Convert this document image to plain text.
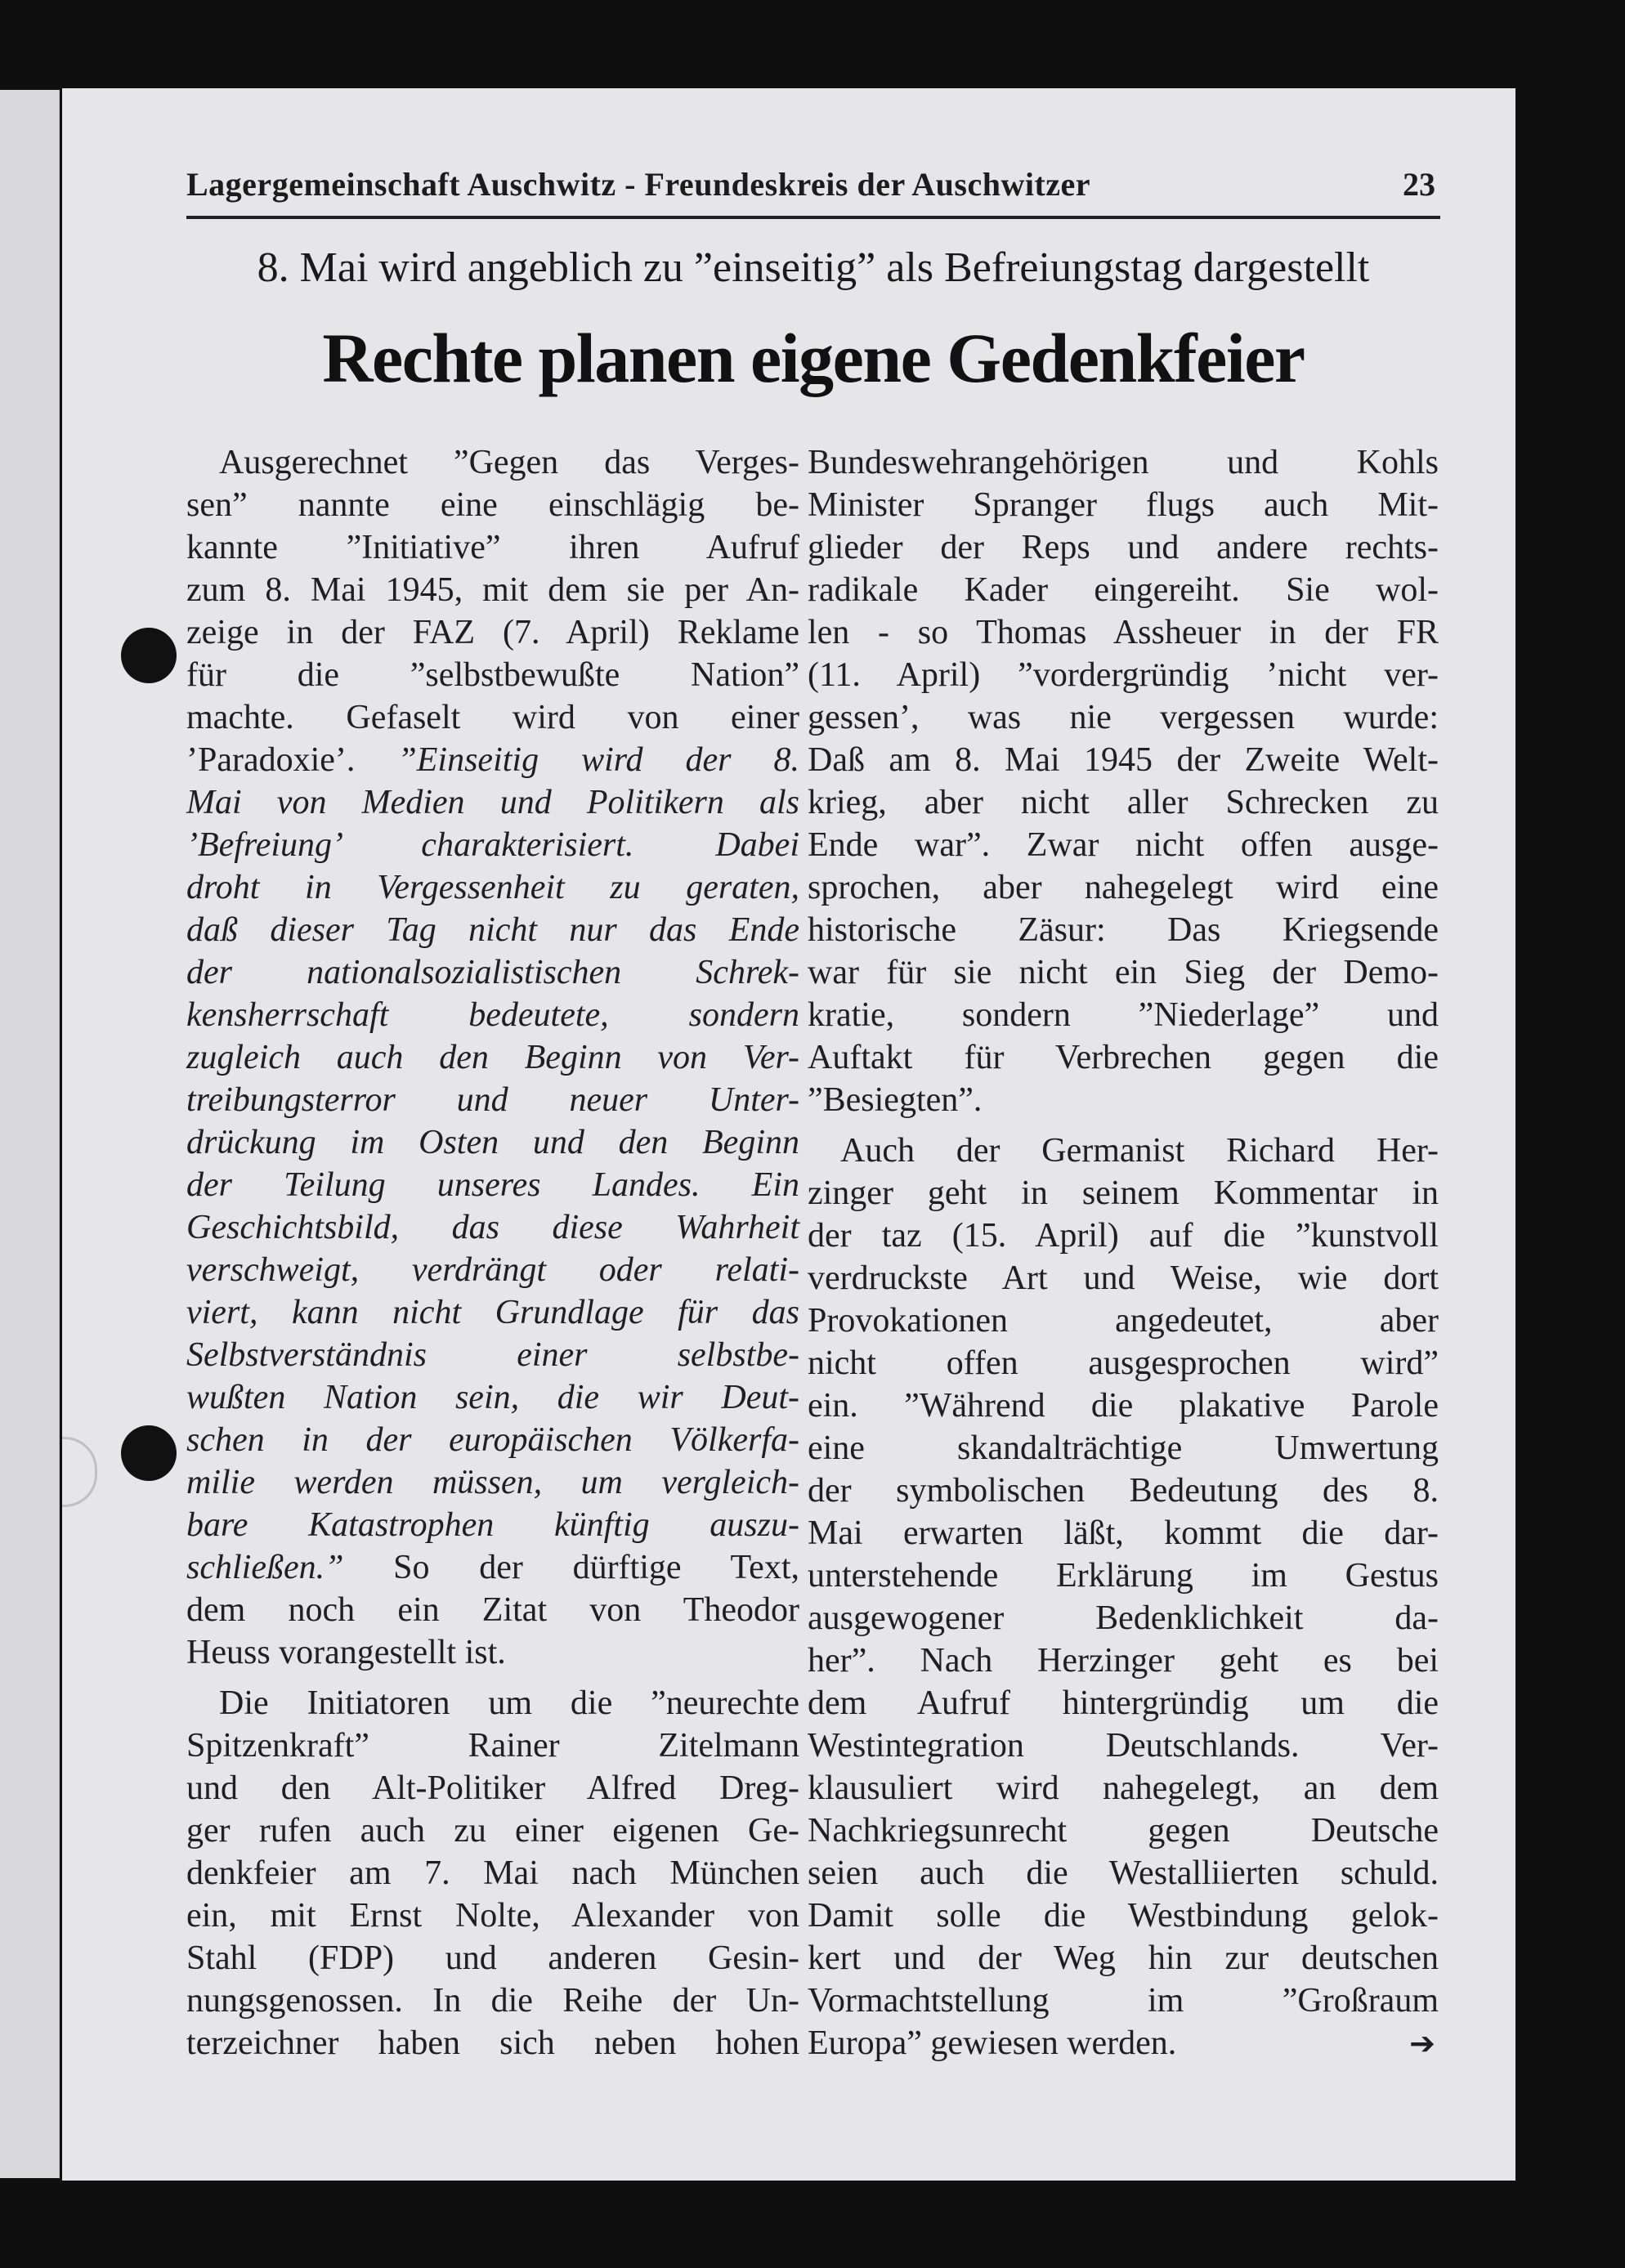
Lagergemeinschaft Auschwitz - Freundeskreis der Auschwitzer	23
8. Mai wird angeblich zu ”einseitig” als Befreiungstag dargestellt
Rechte planen eigene Gedenkfeier
Ausgerechnet ”Gegen das Verges-
sen” nannte eine einschlägig be-
kannte ”Initiative” ihren Aufruf
zum 8. Mai 1945, mit dem sie per An-
zeige in der FAZ (7. April) Reklame
für die ”selbstbewußte Nation”
machte. Gefaselt wird von einer
’Paradoxie’. ”Einseitig wird der 8.
Mai von Medien und Politikern als
’Befreiung’ charakterisiert. Dabei
droht in Vergessenheit zu geraten,
daß dieser Tag nicht nur das Ende
der nationalsozialistischen Schrek-
kensherrschaft bedeutete, sondern
zugleich auch den Beginn von Ver-
treibungsterror und neuer Unter-
drückung im Osten und den Beginn
der Teilung unseres Landes. Ein
Geschichtsbild, das diese Wahrheit
verschweigt, verdrängt oder relati-
viert, kann nicht Grundlage für das
Selbstverständnis einer selbstbe-
wußten Nation sein, die wir Deut-
schen in der europäischen Völkerfa-
milie werden müssen, um vergleich-
bare Katastrophen künftig auszu-
schließen.” So der dürftige Text,
dem noch ein Zitat von Theodor
Heuss vorangestellt ist.
Die Initiatoren um die ”neurechte
Spitzenkraft” Rainer Zitelmann
und den Alt-Politiker Alfred Dreg-
ger rufen auch zu einer eigenen Ge-
denkfeier am 7. Mai nach München
ein, mit Ernst Nolte, Alexander von
Stahl (FDP) und anderen Gesin-
nungsgenossen. In die Reihe der Un-
terzeichner haben sich neben hohen
Bundeswehrangehörigen und Kohls
Minister Spranger flugs auch Mit-
glieder der Reps und andere rechts-
radikale Kader eingereiht. Sie wol-
len - so Thomas Assheuer in der FR
(11. April) ”vordergründig ’nicht ver-
gessen’, was nie vergessen wurde:
Daß am 8. Mai 1945 der Zweite Welt-
krieg, aber nicht aller Schrecken zu
Ende war”. Zwar nicht offen ausge-
sprochen, aber nahegelegt wird eine
historische Zäsur: Das Kriegsende
war für sie nicht ein Sieg der Demo-
kratie, sondern ”Niederlage” und
Auftakt für Verbrechen gegen die
”Besiegten”.
Auch der Germanist Richard Her-
zinger geht in seinem Kommentar in
der taz (15. April) auf die ”kunstvoll
verdruckste Art und Weise, wie dort
Provokationen angedeutet, aber
nicht offen ausgesprochen wird”
ein. ”Während die plakative Parole
eine skandalträchtige Umwertung
der symbolischen Bedeutung des 8.
Mai erwarten läßt, kommt die dar-
unterstehende Erklärung im Gestus
ausgewogener Bedenklichkeit da-
her”. Nach Herzinger geht es bei
dem Aufruf hintergründig um die
Westintegration Deutschlands. Ver-
klausuliert wird nahegelegt, an dem
Nachkriegsunrecht gegen Deutsche
seien auch die Westalliierten schuld.
Damit solle die Westbindung gelok-
kert und der Weg hin zur deutschen
Vormachtstellung im ”Großraum
Europa” gewiesen werden.	➔
